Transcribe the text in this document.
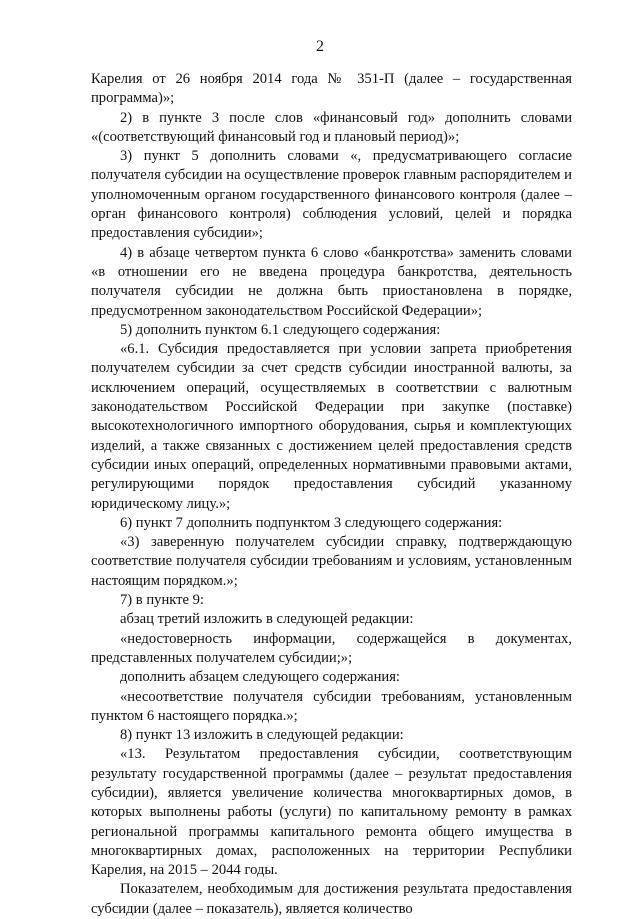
2

Карелия от 26 ноября 2014 года № 351-П (далее – государственная программа)»;

2) в пункте 3 после слов «финансовый год» дополнить словами «(соответствующий финансовый год и плановый период)»;

3) пункт 5 дополнить словами «, предусматривающего согласие получателя субсидии на осуществление проверок главным распорядителем и уполномоченным органом государственного финансового контроля (далее – орган финансового контроля) соблюдения условий, целей и порядка предоставления субсидии»;

4) в абзаце четвертом пункта 6 слово «банкротства» заменить словами «в отношении его не введена процедура банкротства, деятельность получателя субсидии не должна быть приостановлена в порядке, предусмотренном законодательством Российской Федерации»;

5) дополнить пунктом 6.1 следующего содержания:

«6.1. Субсидия предоставляется при условии запрета приобретения получателем субсидии за счет средств субсидии иностранной валюты, за исключением операций, осуществляемых в соответствии с валютным законодательством Российской Федерации при закупке (поставке) высокотехнологичного импортного оборудования, сырья и комплектующих изделий, а также связанных с достижением целей предоставления средств субсидии иных операций, определенных нормативными правовыми актами, регулирующими порядок предоставления субсидий указанному юридическому лицу.»;

6) пункт 7 дополнить подпунктом 3 следующего содержания:

«3) заверенную получателем субсидии справку, подтверждающую соответствие получателя субсидии требованиям и условиям, установленным настоящим порядком.»;

7) в пункте 9:

абзац третий изложить в следующей редакции:

«недостоверность информации, содержащейся в документах, представленных получателем субсидии;»;

дополнить абзацем следующего содержания:

«несоответствие получателя субсидии требованиям, установленным пунктом 6 настоящего порядка.»;

8) пункт 13 изложить в следующей редакции:

«13. Результатом предоставления субсидии, соответствующим результату государственной программы (далее – результат предоставления субсидии), является увеличение количества многоквартирных домов, в которых выполнены работы (услуги) по капитальному ремонту в рамках региональной программы капитального ремонта общего имущества в многоквартирных домах, расположенных на территории Республики Карелия, на 2015 – 2044 годы.

Показателем, необходимым для достижения результата предоставления субсидии (далее – показатель), является количество
